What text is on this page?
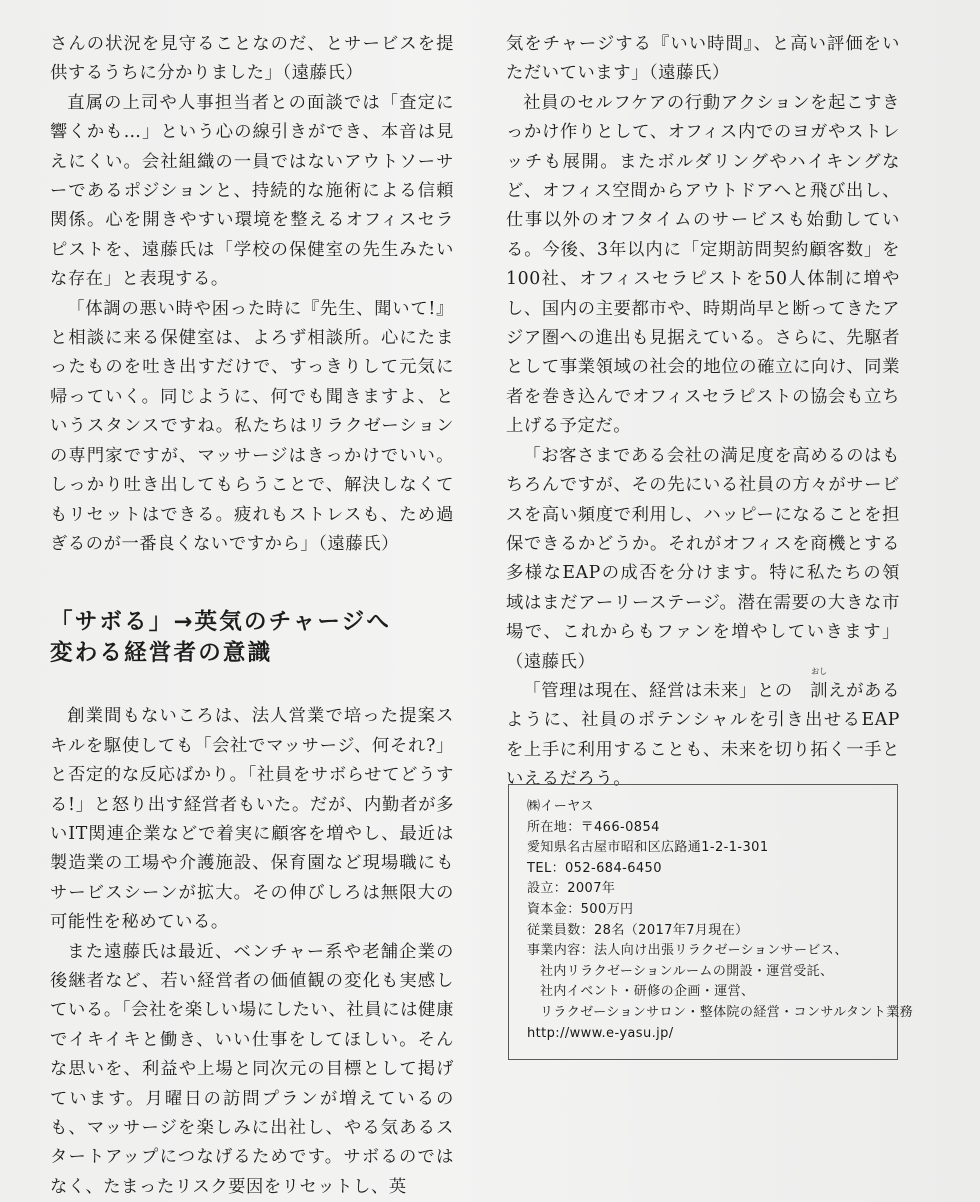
さんの状況を見守ることなのだ、とサービスを提供するうちに分かりました」（遠藤氏）

直属の上司や人事担当者との面談では「査定に響くかも…」という心の線引きができ、本音は見えにくい。会社組織の一員ではないアウトソーサーであるポジションと、持続的な施術による信頼関係。心を開きやすい環境を整えるオフィスセラピストを、遠藤氏は「学校の保健室の先生みたいな存在」と表現する。

「体調の悪い時や困った時に『先生、聞いて!』と相談に来る保健室は、よろず相談所。心にたまったものを吐き出すだけで、すっきりして元気に帰っていく。同じように、何でも聞きますよ、というスタンスですね。私たちはリラクゼーションの専門家ですが、マッサージはきっかけでいい。しっかり吐き出してもらうことで、解決しなくてもリセットはできる。疲れもストレスも、ため過ぎるのが一番良くないですから」（遠藤氏）

「サボる」→英気のチャージへ
変わる経営者の意識

創業間もないころは、法人営業で培った提案スキルを駆使しても「会社でマッサージ、何それ?」と否定的な反応ばかり。「社員をサボらせてどうする!」と怒り出す経営者もいた。だが、内勤者が多いIT関連企業などで着実に顧客を増やし、最近は製造業の工場や介護施設、保育園など現場職にもサービスシーンが拡大。その伸びしろは無限大の可能性を秘めている。

また遠藤氏は最近、ベンチャー系や老舗企業の後継者など、若い経営者の価値観の変化も実感している。「会社を楽しい場にしたい、社員には健康でイキイキと働き、いい仕事をしてほしい。そんな思いを、利益や上場と同次元の目標として掲げています。月曜日の訪問プランが増えているのも、マッサージを楽しみに出社し、やる気あるスタートアップにつなげるためです。サボるのではなく、たまったリスク要因をリセットし、英

気をチャージする『いい時間』、と高い評価をいただいています」（遠藤氏）

社員のセルフケアの行動アクションを起こすきっかけ作りとして、オフィス内でのヨガやストレッチも展開。またボルダリングやハイキングなど、オフィス空間からアウトドアへと飛び出し、仕事以外のオフタイムのサービスも始動している。今後、3年以内に「定期訪問契約顧客数」を100社、オフィスセラピストを50人体制に増やし、国内の主要都市や、時期尚早と断ってきたアジア圏への進出も見据えている。さらに、先駆者として事業領域の社会的地位の確立に向け、同業者を巻き込んでオフィスセラピストの協会も立ち上げる予定だ。

「お客さまである会社の満足度を高めるのはもちろんですが、その先にいる社員の方々がサービスを高い頻度で利用し、ハッピーになることを担保できるかどうか。それがオフィスを商機とする多様なEAPの成否を分けます。特に私たちの領域はまだアーリーステージ。潜在需要の大きな市場で、これからもファンを増やしていきます」（遠藤氏）

「管理は現在、経営は未来」との
おし
訓えがあるように、社員のポテンシャルを引き出せるEAPを上手に利用することも、未来を切り拓く一手といえるだろう。

㈱イーヤス
所在地：〒466-0854
愛知県名古屋市昭和区広路通1-2-1-301
TEL：052-684-6450
設立：2007年
資本金：500万円
従業員数：28名（2017年7月現在）
事業内容：法人向け出張リラクゼーションサービス、
社内リラクゼーションルームの開設・運営受託、
社内イベント・研修の企画・運営、
リラクゼーションサロン・整体院の経営・コンサルタント業務
http://www.e-yasu.jp/
